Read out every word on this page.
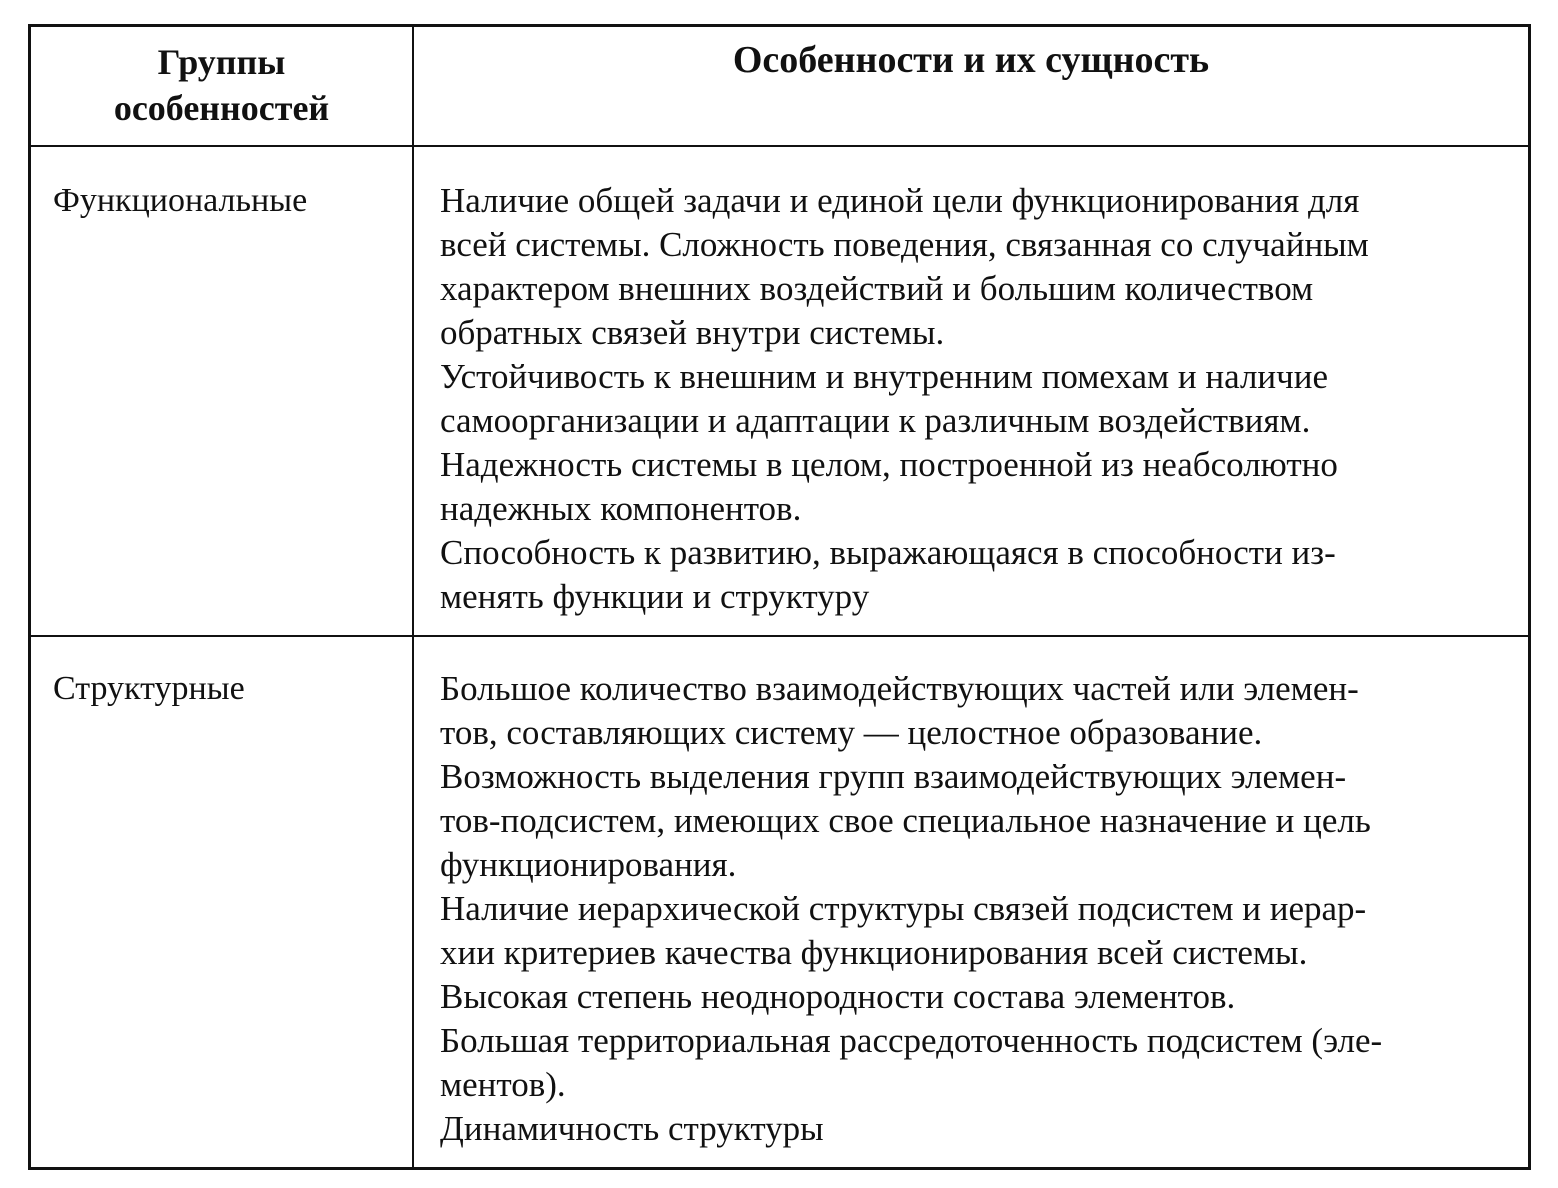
Группы
особенностей
Особенности и их сущность
Функциональные	Наличие общей задачи и единой цели функционирования для
всей системы. Сложность поведения, связанная со случайным
характером внешних воздействий и большим количеством
обратных связей внутри системы.

Устойчивость к внешним и внутренним помехам и наличие
самоорганизации и адаптации к различным воздействиям.

Надежность системы в целом, построенной из неабсолютно
надежных компонентов.

Способность к развитию, выражающаяся в способности из-
менять функции и структуру

Структурные	Большое количество взаимодействующих частей или элемен-
тов, составляющих систему — целостное образование.

Возможность выделения групп взаимодействующих элемен-
тов-подсистем, имеющих свое специальное назначение и цель
функционирования.

Наличие иерархической структуры связей подсистем и иерар-
хии критериев качества функционирования всей системы.

Высокая степень неоднородности состава элементов.

Большая территориальная рассредоточенность подсистем (эле-
ментов).

Динамичность структуры
